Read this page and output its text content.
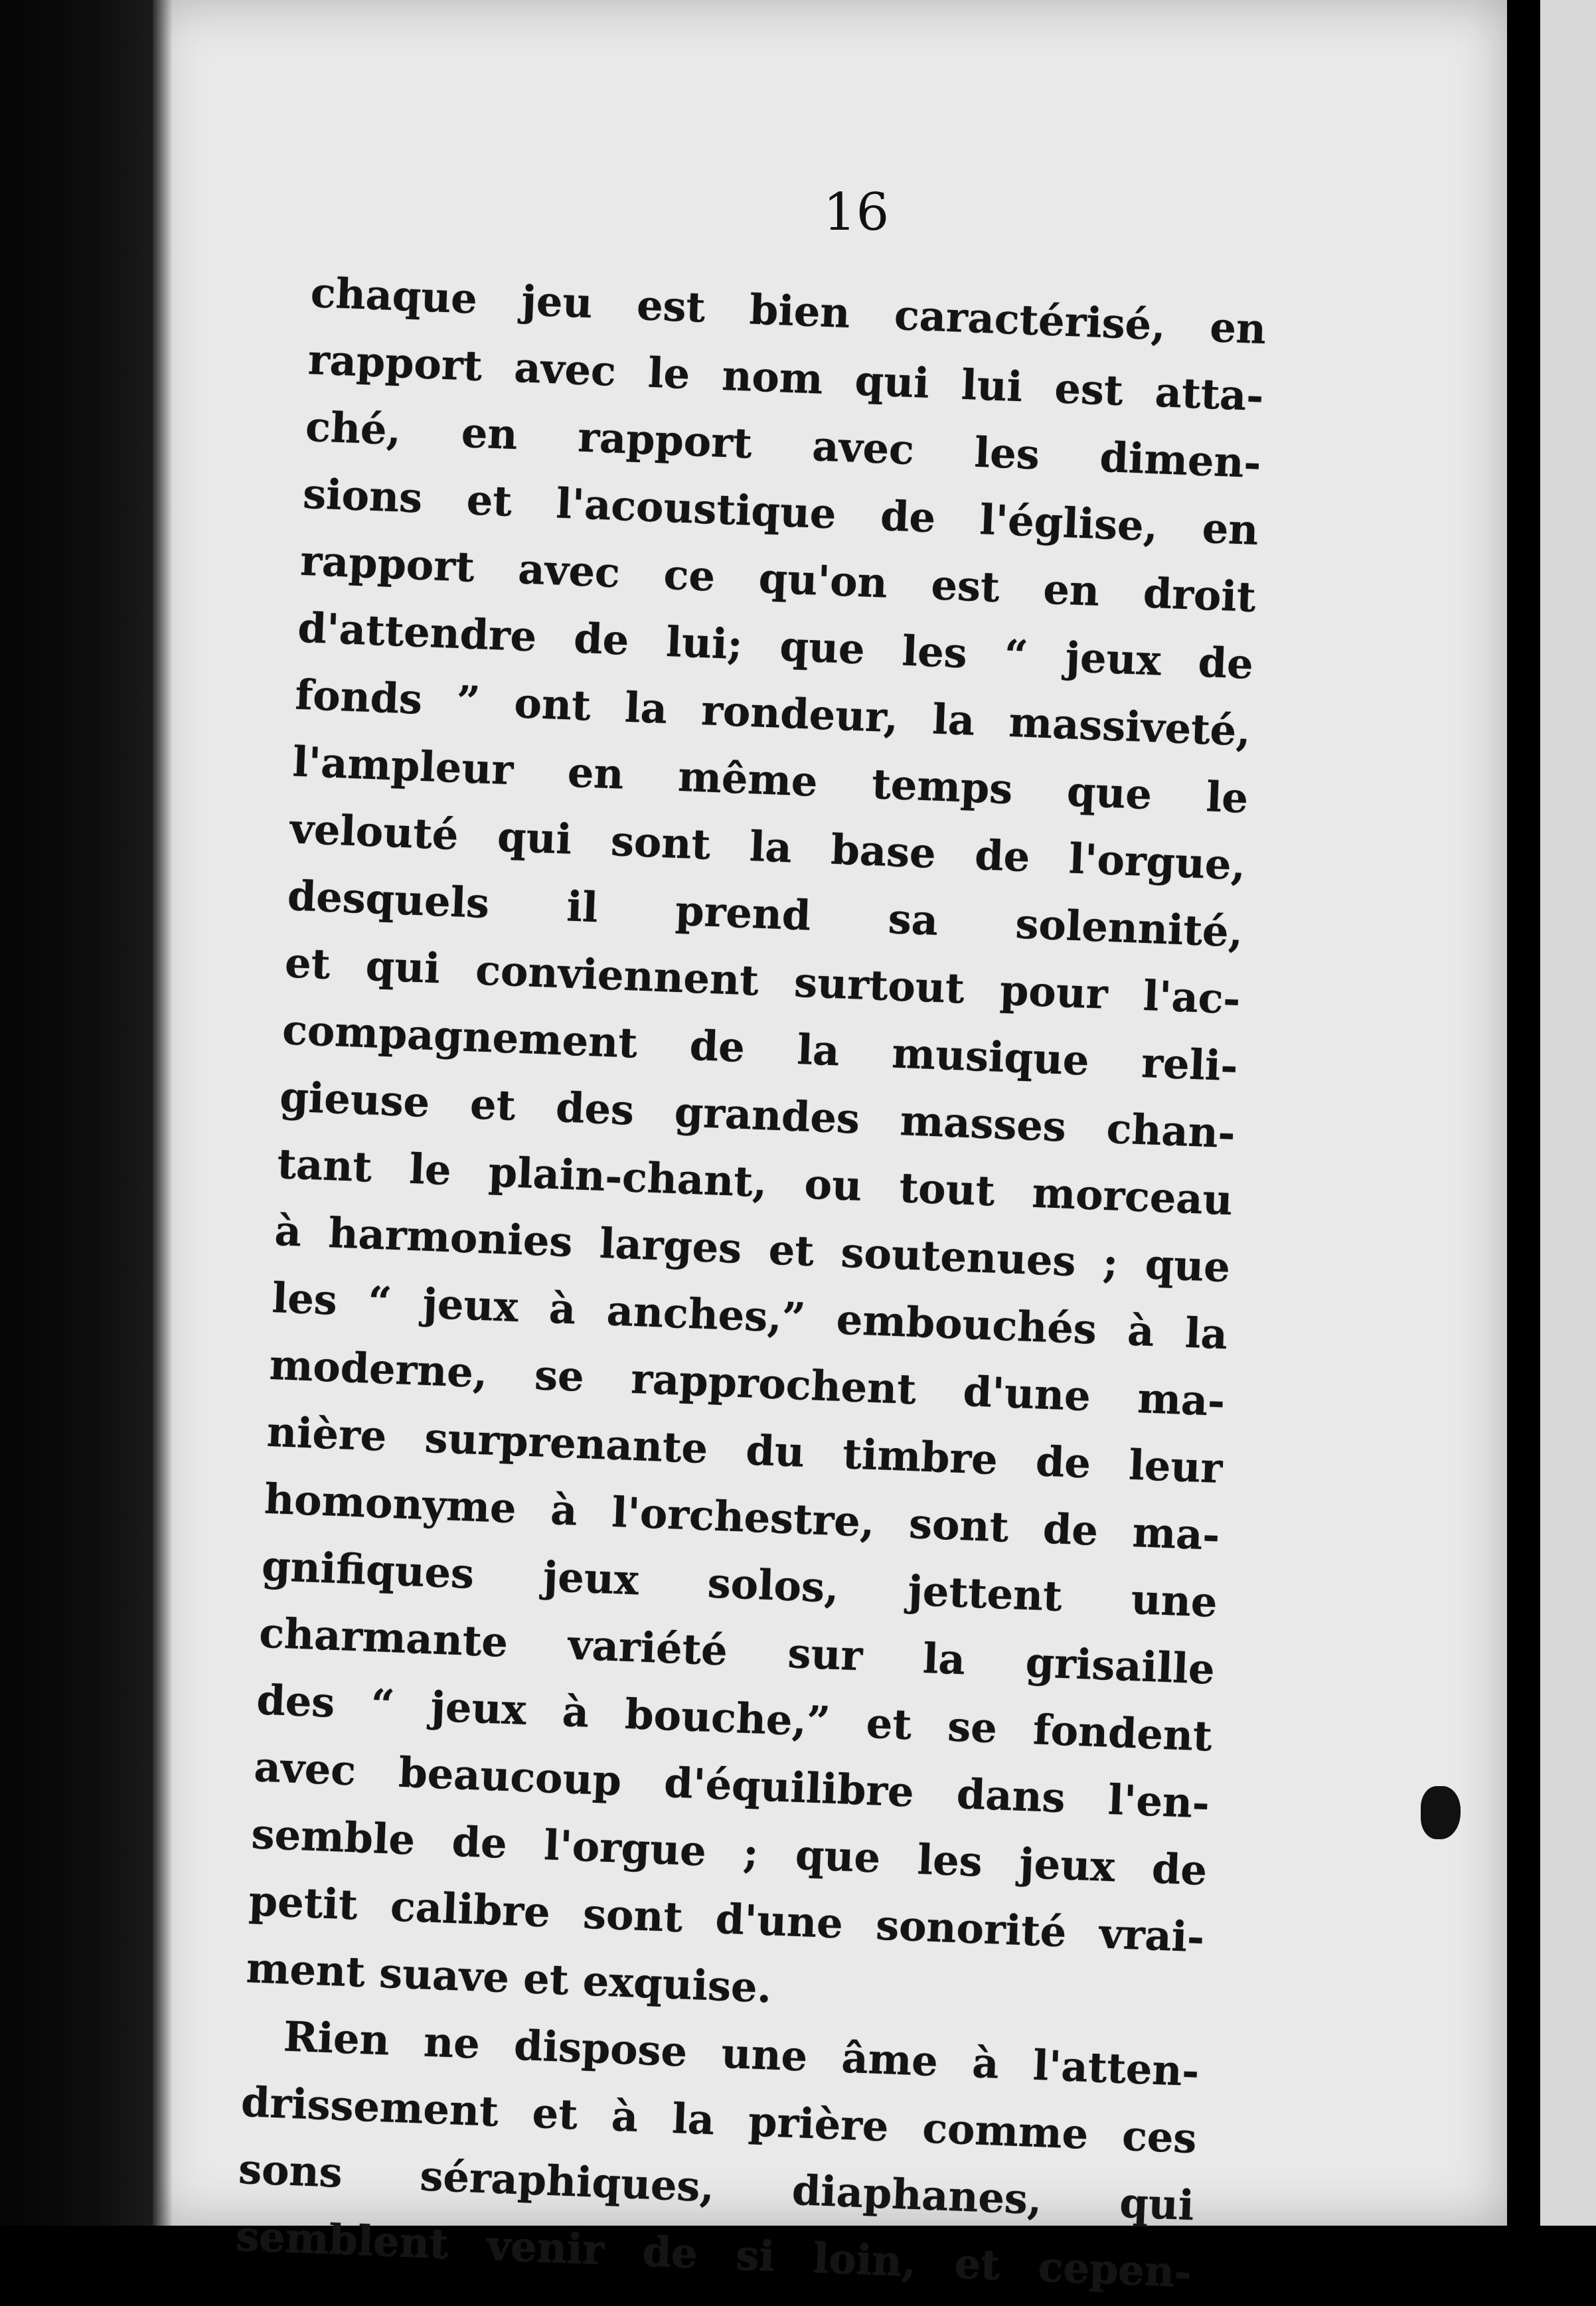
16
chaque jeu est bien caractérisé, en
rapport avec le nom qui lui est atta-
ché, en rapport avec les dimen-
sions et l'acoustique de l'église, en
rapport avec ce qu'on est en droit
d'attendre de lui; que les “ jeux de
fonds ” ont la rondeur, la massiveté,
l'ampleur en même temps que le
velouté qui sont la base de l'orgue,
desquels il prend sa solennité,
et qui conviennent surtout pour l'ac-
compagnement de la musique reli-
gieuse et des grandes masses chan-
tant le plain-chant, ou tout morceau
à harmonies larges et soutenues ; que
les “ jeux à anches,” embouchés à la
moderne, se rapprochent d'une ma-
nière surprenante du timbre de leur
homonyme à l'orchestre, sont de ma-
gnifiques jeux solos, jettent une
charmante variété sur la grisaille
des “ jeux à bouche,” et se fondent
avec beaucoup d'équilibre dans l'en-
semble de l'orgue ; que les jeux de
petit calibre sont d'une sonorité vrai-
ment suave et exquise.
Rien ne dispose une âme à l'atten-
drissement et à la prière comme ces
sons séraphiques, diaphanes, qui
semblent venir de si loin, et cepen-
